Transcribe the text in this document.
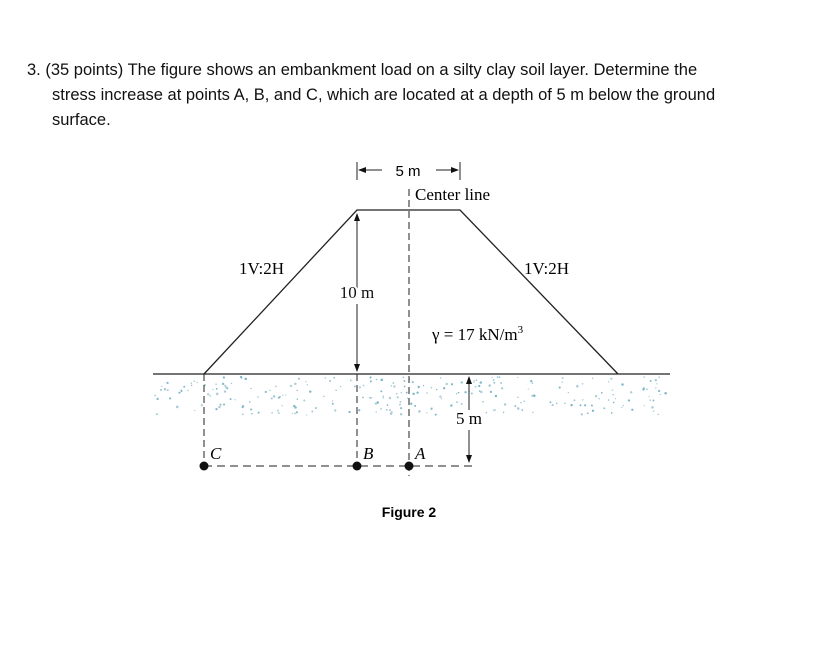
3. (35 points) The figure shows an embankment load on a silty clay soil layer. Determine the
stress increase at points A, B, and C, which are located at a depth of 5 m below the ground
surface.
5 m
Center line
10 m
1V:2H	1V:2H
γ = 17 $kN/m^3$
5 m
C	B A
Figure 2
